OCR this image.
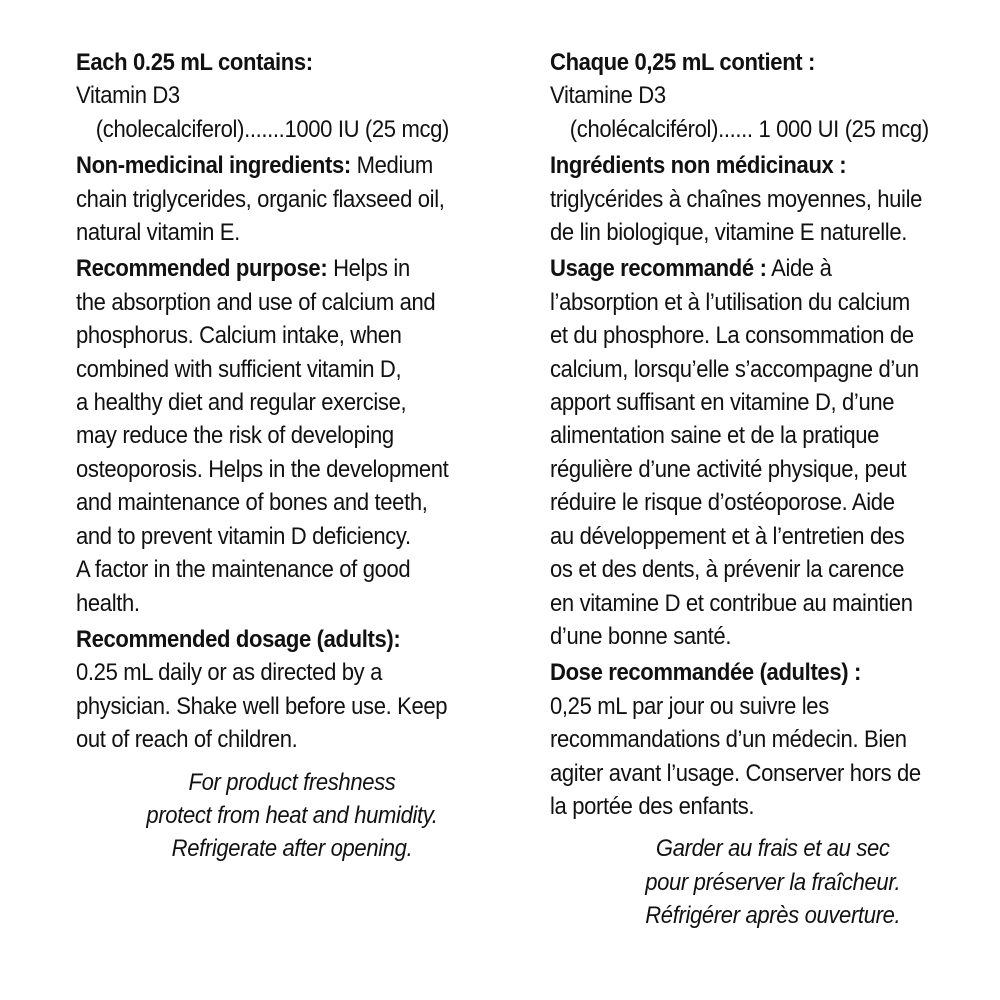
Each 0.25 mL contains:
Vitamin D3
(cholecalciferol).......1000 IU (25 mcg)
Non-medicinal ingredients: Medium
chain triglycerides, organic flaxseed oil,
natural vitamin E.
Recommended purpose: Helps in
the absorption and use of calcium and
phosphorus. Calcium intake, when
combined with sufficient vitamin D,
a healthy diet and regular exercise,
may reduce the risk of developing
osteoporosis. Helps in the development
and maintenance of bones and teeth,
and to prevent vitamin D deficiency.
A factor in the maintenance of good
health.
Recommended dosage (adults):
0.25 mL daily or as directed by a
physician. Shake well before use. Keep
out of reach of children.
For product freshness
protect from heat and humidity.
Refrigerate after opening.
Chaque 0,25 mL contient :
Vitamine D3
(cholécalciférol)...... 1 000 UI (25 mcg)
Ingrédients non médicinaux :
triglycérides à chaînes moyennes, huile
de lin biologique, vitamine E naturelle.
Usage recommandé : Aide à
l’absorption et à l’utilisation du calcium
et du phosphore. La consommation de
calcium, lorsqu’elle s’accompagne d’un
apport suffisant en vitamine D, d’une
alimentation saine et de la pratique
régulière d’une activité physique, peut
réduire le risque d’ostéoporose. Aide
au développement et à l’entretien des
os et des dents, à prévenir la carence
en vitamine D et contribue au maintien
d’une bonne santé.
Dose recommandée (adultes) :
0,25 mL par jour ou suivre les
recommandations d’un médecin. Bien
agiter avant l’usage. Conserver hors de
la portée des enfants.
Garder au frais et au sec
pour préserver la fraîcheur.
Réfrigérer après ouverture.
